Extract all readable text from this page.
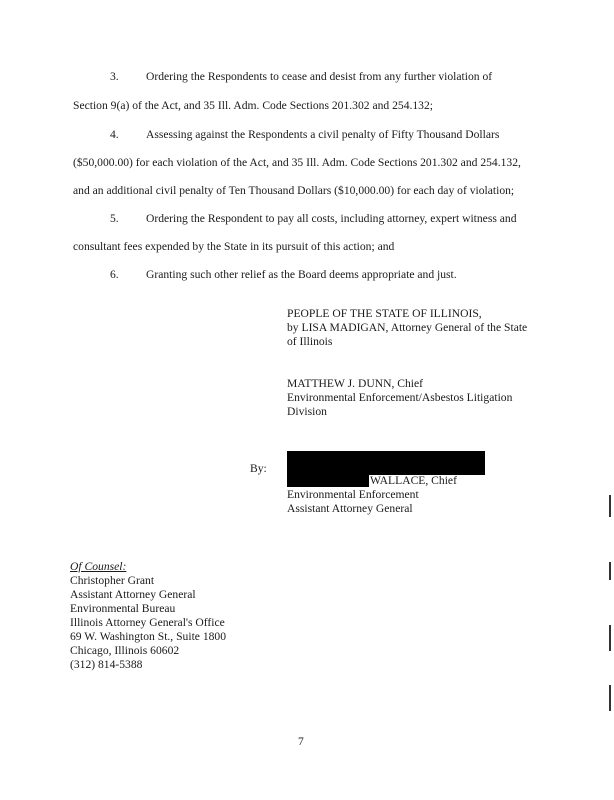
3. Ordering the Respondents to cease and desist from any further violation of
Section 9(a) of the Act, and 35 Ill. Adm. Code Sections 201.302 and 254.132;
4. Assessing against the Respondents a civil penalty of Fifty Thousand Dollars
($50,000.00) for each violation of the Act, and 35 Ill. Adm. Code Sections 201.302 and 254.132,
and an additional civil penalty of Ten Thousand Dollars ($10,000.00) for each day of violation;
5. Ordering the Respondent to pay all costs, including attorney, expert witness and
consultant fees expended by the State in its pursuit of this action; and
6. Granting such other relief as the Board deems appropriate and just.
PEOPLE OF THE STATE OF ILLINOIS,
by LISA MADIGAN, Attorney General of the State
of Illinois
MATTHEW J. DUNN, Chief
Environmental Enforcement/Asbestos Litigation
Division
By:
WALLACE, Chief
Environmental Enforcement
Assistant Attorney General
Of Counsel:
Christopher Grant
Assistant Attorney General
Environmental Bureau
Illinois Attorney General's Office
69 W. Washington St., Suite 1800
Chicago, Illinois 60602
(312) 814-5388
7
